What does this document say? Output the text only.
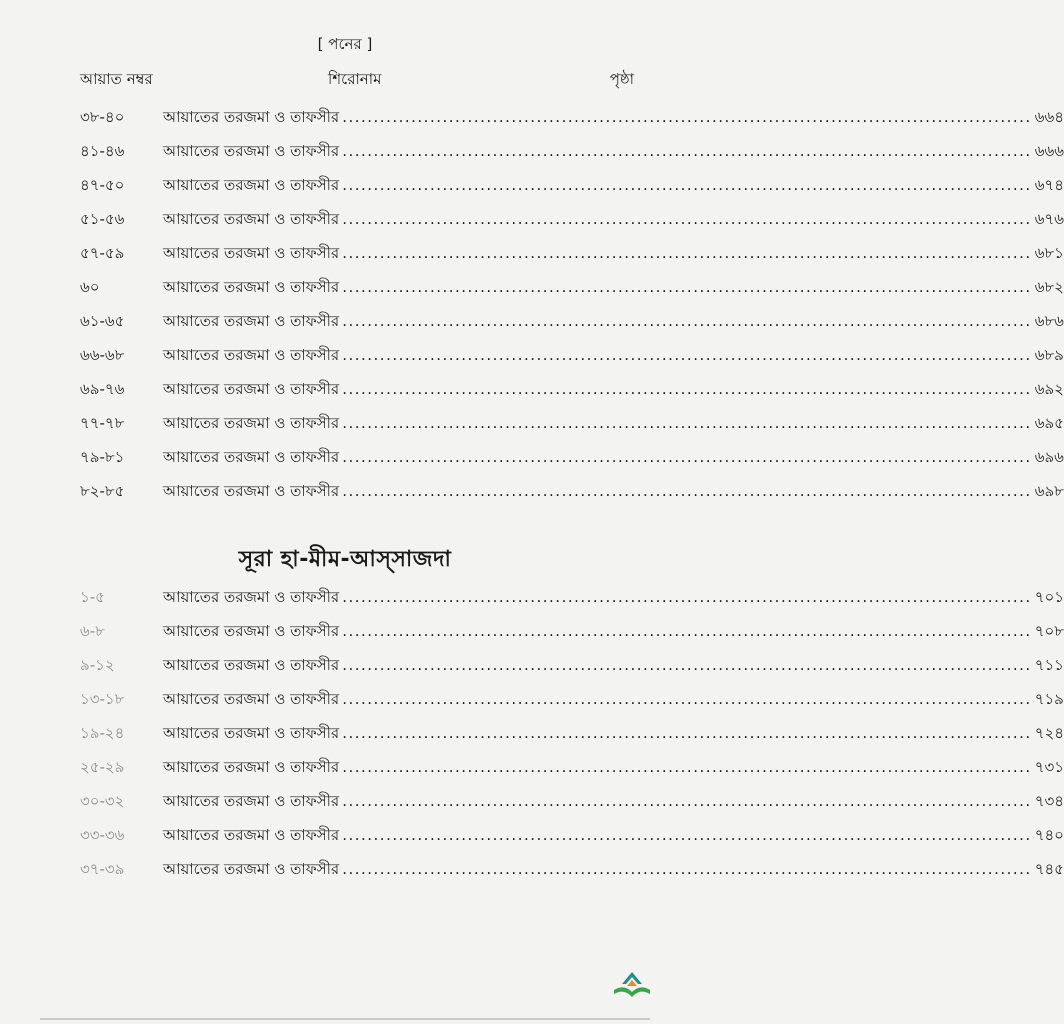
[ পনের ]
আয়াত নম্বর	শিরোনাম	পৃষ্ঠা
৩৮-৪০	আয়াতের তরজমা ও তাফসীর .............................................................................................................. ৬৬৪
৪১-৪৬	আয়াতের তরজমা ও তাফসীর .............................................................................................................. ৬৬৬
৪৭-৫০	আয়াতের তরজমা ও তাফসীর .............................................................................................................. ৬৭৪
৫১-৫৬	আয়াতের তরজমা ও তাফসীর .............................................................................................................. ৬৭৬
৫৭-৫৯	আয়াতের তরজমা ও তাফসীর .............................................................................................................. ৬৮১
৬০	আয়াতের তরজমা ও তাফসীর .............................................................................................................. ৬৮২
৬১-৬৫	আয়াতের তরজমা ও তাফসীর .............................................................................................................. ৬৮৬
৬৬-৬৮	আয়াতের তরজমা ও তাফসীর .............................................................................................................. ৬৮৯
৬৯-৭৬	আয়াতের তরজমা ও তাফসীর .............................................................................................................. ৬৯২
৭৭-৭৮	আয়াতের তরজমা ও তাফসীর .............................................................................................................. ৬৯৫
৭৯-৮১	আয়াতের তরজমা ও তাফসীর .............................................................................................................. ৬৯৬
৮২-৮৫	আয়াতের তরজমা ও তাফসীর .............................................................................................................. ৬৯৮
সূরা হা-মীম-আস্‌সাজদা
১-৫	আয়াতের তরজমা ও তাফসীর .............................................................................................................. ৭০১
৬-৮	আয়াতের তরজমা ও তাফসীর .............................................................................................................. ৭০৮
৯-১২	আয়াতের তরজমা ও তাফসীর .............................................................................................................. ৭১১
১৩-১৮	আয়াতের তরজমা ও তাফসীর .............................................................................................................. ৭১৯
১৯-২৪	আয়াতের তরজমা ও তাফসীর .............................................................................................................. ৭২৪
২৫-২৯	আয়াতের তরজমা ও তাফসীর .............................................................................................................. ৭৩১
৩০-৩২	আয়াতের তরজমা ও তাফসীর .............................................................................................................. ৭৩৪
৩৩-৩৬	আয়াতের তরজমা ও তাফসীর .............................................................................................................. ৭৪০
৩৭-৩৯	আয়াতের তরজমা ও তাফসীর .............................................................................................................. ৭৪৫
